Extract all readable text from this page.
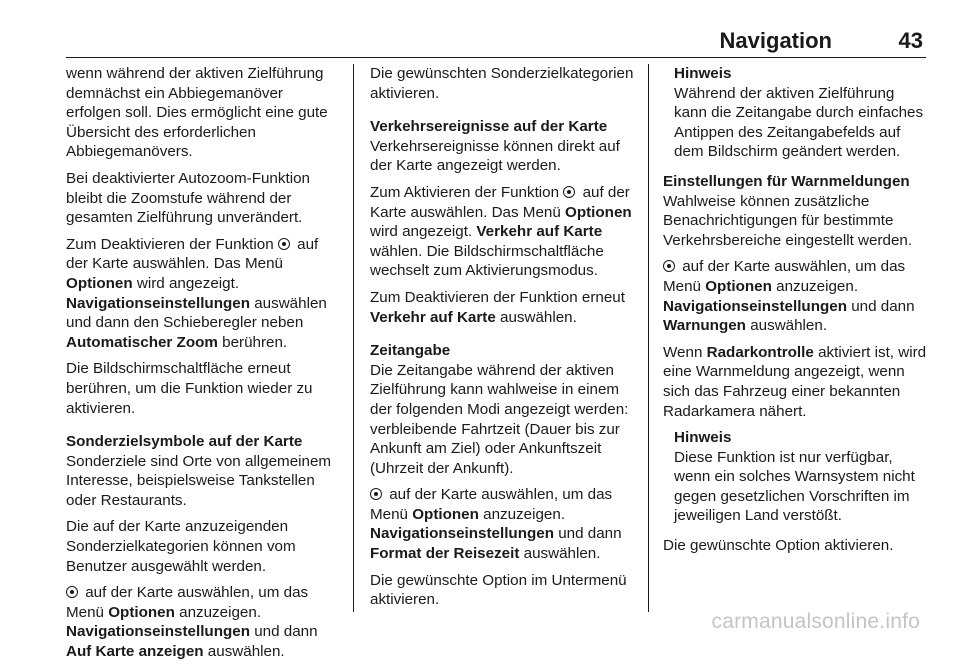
Navigation	43

wenn während der aktiven Zielführung demnächst ein Abbiegemanöver erfolgen soll. Dies ermöglicht eine gute Übersicht des erforderlichen Abbiegemanövers.

Bei deaktivierter Autozoom-Funktion bleibt die Zoomstufe während der gesamten Zielführung unverändert.

Zum Deaktivieren der Funktion auf der Karte auswählen. Das Menü Optionen wird angezeigt. Navigationseinstellungen auswählen und dann den Schieberegler neben Automatischer Zoom berühren.

Die Bildschirmschaltfläche erneut berühren, um die Funktion wieder zu aktivieren.

Sonderzielsymbole auf der Karte

Sonderziele sind Orte von allgemeinem Interesse, beispielsweise Tankstellen oder Restaurants.

Die auf der Karte anzuzeigenden Sonderzielkategorien können vom Benutzer ausgewählt werden.

auf der Karte auswählen, um das Menü Optionen anzuzeigen. Navigationseinstellungen und dann Auf Karte anzeigen auswählen.

Die gewünschten Sonderzielkategorien aktivieren.

Verkehrsereignisse auf der Karte

Verkehrsereignisse können direkt auf der Karte angezeigt werden.

Zum Aktivieren der Funktion auf der Karte auswählen. Das Menü Optionen wird angezeigt. Verkehr auf Karte wählen. Die Bildschirmschaltfläche wechselt zum Aktivierungsmodus.

Zum Deaktivieren der Funktion erneut Verkehr auf Karte auswählen.

Zeitangabe

Die Zeitangabe während der aktiven Zielführung kann wahlweise in einem der folgenden Modi angezeigt werden: verbleibende Fahrtzeit (Dauer bis zur Ankunft am Ziel) oder Ankunftszeit (Uhrzeit der Ankunft).

auf der Karte auswählen, um das Menü Optionen anzuzeigen. Navigationseinstellungen und dann Format der Reisezeit auswählen.

Die gewünschte Option im Untermenü aktivieren.

Hinweis

Während der aktiven Zielführung kann die Zeitangabe durch einfaches Antippen des Zeitangabefelds auf dem Bildschirm geändert werden.

Einstellungen für Warnmeldungen

Wahlweise können zusätzliche Benachrichtigungen für bestimmte Verkehrsbereiche eingestellt werden.

auf der Karte auswählen, um das Menü Optionen anzuzeigen. Navigationseinstellungen und dann Warnungen auswählen.

Wenn Radarkontrolle aktiviert ist, wird eine Warnmeldung angezeigt, wenn sich das Fahrzeug einer bekannten Radarkamera nähert.

Hinweis

Diese Funktion ist nur verfügbar, wenn ein solches Warnsystem nicht gegen gesetzlichen Vorschriften im jeweiligen Land verstößt.

Die gewünschte Option aktivieren.

carmanualsonline.info
